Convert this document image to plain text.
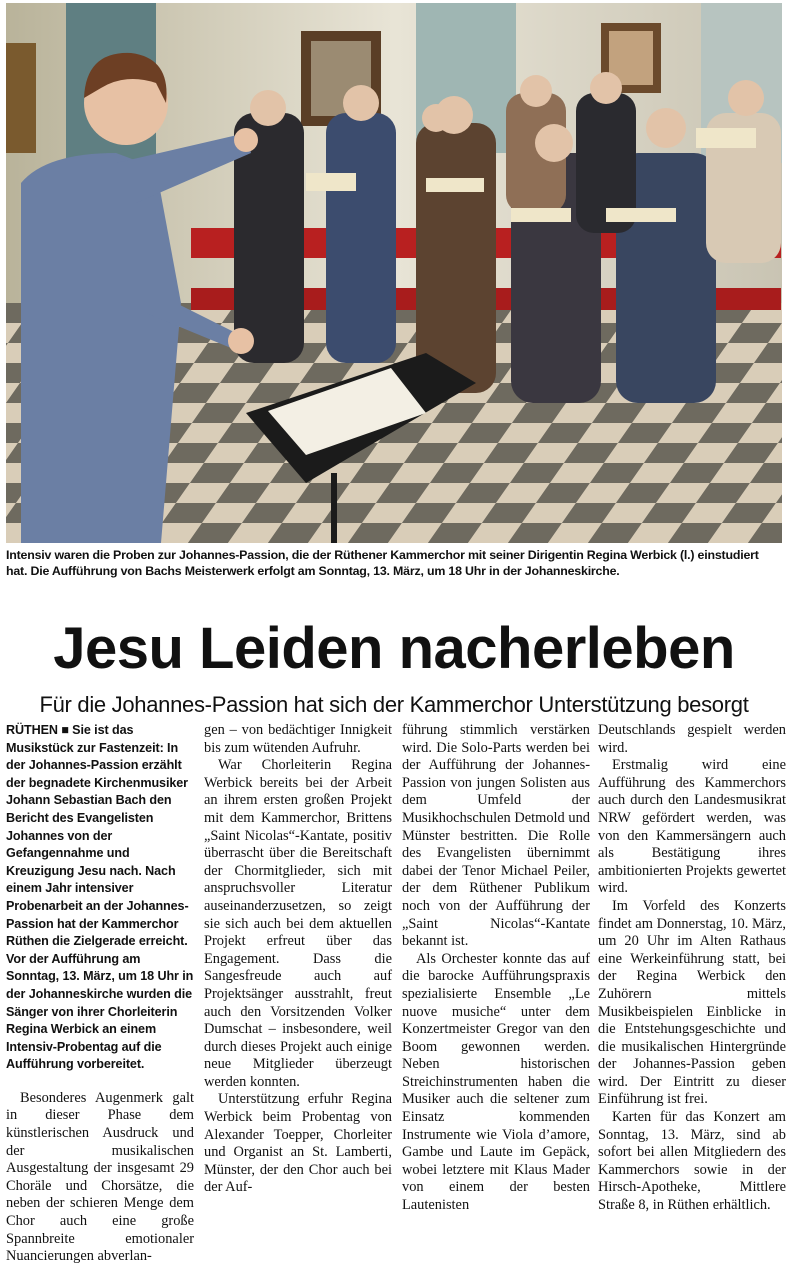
Intensiv waren die Proben zur Johannes-Passion, die der Rüthener Kammerchor mit seiner Dirigentin Regina Werbick (l.) einstudiert hat. Die Aufführung von Bachs Meisterwerk erfolgt am Sonntag, 13. März, um 18 Uhr in der Johanneskirche.
Jesu Leiden nacherleben
Für die Johannes-Passion hat sich der Kammerchor Unterstützung besorgt

RÜTHEN ■ Sie ist das Musikstück zur Fastenzeit: In der Johannes-Passion erzählt der begnadete Kirchenmusiker Johann Sebastian Bach den Bericht des Evangelisten Johannes von der Gefangennahme und Kreuzigung Jesu nach. Nach einem Jahr intensiver Probenarbeit an der Johannes-Passion hat der Kammerchor Rüthen die Zielgerade erreicht. Vor der Aufführung am Sonntag, 13. März, um 18 Uhr in der Johanneskirche wurden die Sänger von ihrer Chorleiterin Regina Werbick an einem Intensiv-Probentag auf die Aufführung vorbereitet.

Besonderes Augenmerk galt in dieser Phase dem künstlerischen Ausdruck und der musikalischen Ausgestaltung der insgesamt 29 Choräle und Chorsätze, die neben der schieren Menge dem Chor auch eine große Spannbreite emotionaler Nuancierungen abverlan-

gen – von bedächtiger Innigkeit bis zum wütenden Aufruhr.

War Chorleiterin Regina Werbick bereits bei der Arbeit an ihrem ersten großen Projekt mit dem Kammerchor, Brittens „Saint Nicolas“-Kantate, positiv überrascht über die Bereitschaft der Chormitglieder, sich mit anspruchsvoller Literatur auseinanderzusetzen, so zeigt sie sich auch bei dem aktuellen Projekt erfreut über das Engagement. Dass die Sangesfreude auch auf Projektsänger ausstrahlt, freut auch den Vorsitzenden Volker Dumschat – insbesondere, weil durch dieses Projekt auch einige neue Mitglieder überzeugt werden konnten.

Unterstützung erfuhr Regina Werbick beim Probentag von Alexander Toepper, Chorleiter und Organist an St. Lamberti, Münster, der den Chor auch bei der Auf-

führung stimmlich verstärken wird. Die Solo-Parts werden bei der Aufführung der Johannes-Passion von jungen Solisten aus dem Umfeld der Musikhochschulen Detmold und Münster bestritten. Die Rolle des Evangelisten übernimmt dabei der Tenor Michael Peiler, der dem Rüthener Publikum noch von der Aufführung der „Saint Nicolas“-Kantate bekannt ist.

Als Orchester konnte das auf die barocke Aufführungspraxis spezialisierte Ensemble „Le nuove musiche“ unter dem Konzertmeister Gregor van den Boom gewonnen werden. Neben historischen Streichinstrumenten haben die Musiker auch die seltener zum Einsatz kommenden Instrumente wie Viola d’amore, Gambe und Laute im Gepäck, wobei letztere mit Klaus Mader von einem der besten Lautenisten

Deutschlands gespielt werden wird.

Erstmalig wird eine Aufführung des Kammerchors auch durch den Landesmusikrat NRW gefördert werden, was von den Kammersängern auch als Bestätigung ihres ambitionierten Projekts gewertet wird.

Im Vorfeld des Konzerts findet am Donnerstag, 10. März, um 20 Uhr im Alten Rathaus eine Werkeinführung statt, bei der Regina Werbick den Zuhörern mittels Musikbeispielen Einblicke in die Entstehungsgeschichte und die musikalischen Hintergründe der Johannes-Passion geben wird. Der Eintritt zu dieser Einführung ist frei.

Karten für das Konzert am Sonntag, 13. März, sind ab sofort bei allen Mitgliedern des Kammerchors sowie in der Hirsch-Apotheke, Mittlere Straße 8, in Rüthen erhältlich.
